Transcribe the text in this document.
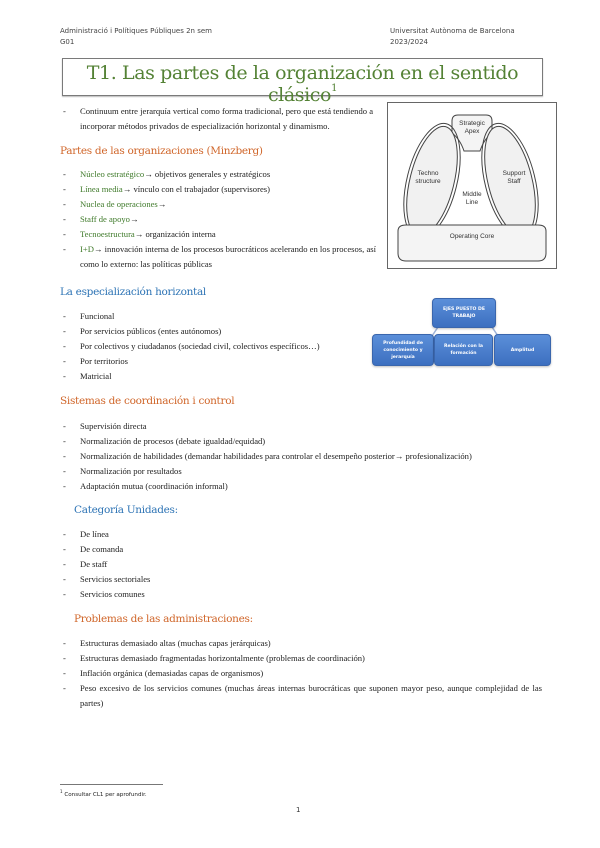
Administració i Polítiques Públiques 2n sem
G01
Universitat Autònoma de Barcelona
2023/2024
T1. Las partes de la organización en el sentido clásico$^1$

- Continuum entre jerarquía vertical como forma tradicional, pero que está tendiendo a incorporar métodos privados de especialización horizontal y dinamismo.

Partes de las organizaciones (Minzberg)
- Núcleo estratégico→ objetivos generales y estratégicos
- Línea media→ vínculo con el trabajador (supervisores)
- Nuclea de operaciones→
- Staff de apoyo→
- Tecnoestructura→ organización interna
- I+D→ innovación interna de los procesos burocráticos acelerando en los procesos, así como lo externo: las políticas públicas
Strategic
Apex
Techno
structure
Support
Staff
Middle
Line
Operating Core
La especialización horizontal
- Funcional
- Por servicios públicos (entes autónomos)
- Por colectivos y ciudadanos (sociedad civil, colectivos específicos…)
- Por territorios
- Matricial
EJES PUESTO DE TRABAJO
Profundidad de conocimiento y jerarquía
Relación con la formación
Amplitud
Sistemas de coordinación i control
- Supervisión directa
- Normalización de procesos (debate igualdad/equidad)
- Normalización de habilidades (demandar habilidades para controlar el desempeño posterior→ profesionalización)
- Normalización por resultados
- Adaptación mutua (coordinación informal)
Categoría Unidades:
- De línea
- De comanda
- De staff
- Servicios sectoriales
- Servicios comunes
Problemas de las administraciones:
- Estructuras demasiado altas (muchas capas jerárquicas)
- Estructuras demasiado fragmentadas horizontalmente (problemas de coordinación)
- Inflación orgánica (demasiadas capas de organismos)
- Peso excesivo de los servicios comunes (muchas áreas internas burocráticas que suponen mayor peso, aunque complejidad de las partes)
$^1$ Consultar CL1 per aprofundir.
1
